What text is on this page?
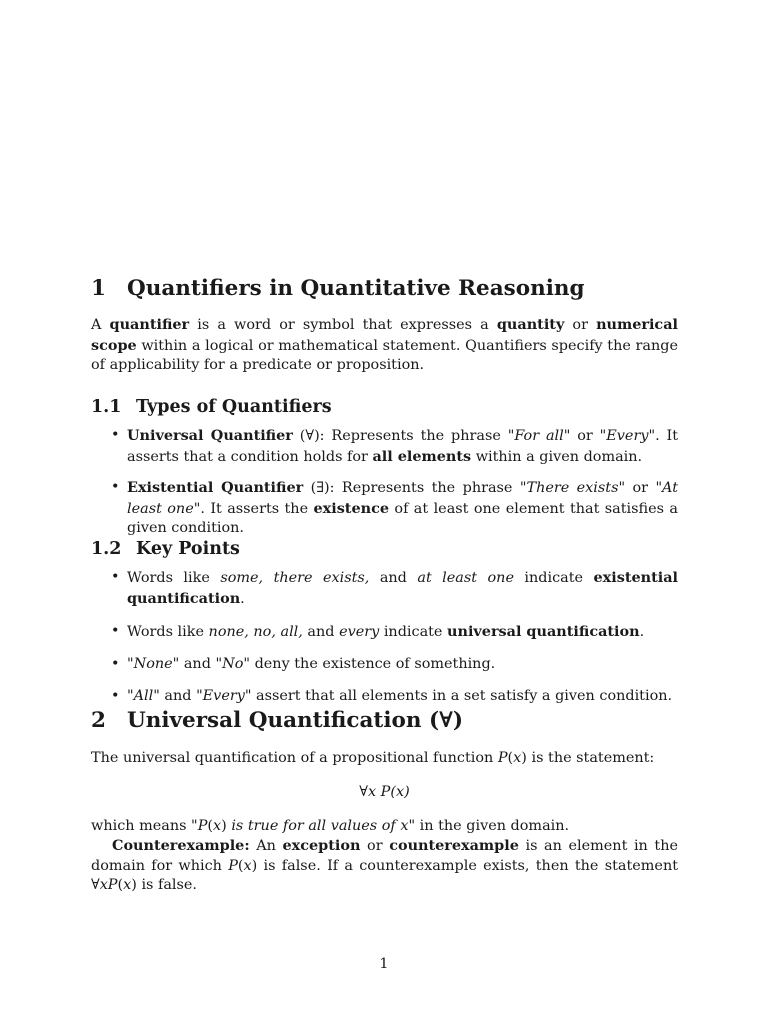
1 Quantifiers in Quantitative Reasoning
A quantifier is a word or symbol that expresses a quantity or numerical scope within a logical or mathematical statement. Quantifiers specify the range of applicability for a predicate or proposition.
1.1 Types of Quantifiers
• Universal Quantifier (∀): Represents the phrase "For all" or "Every". It asserts that a condition holds for all elements within a given domain.
• Existential Quantifier (∃): Represents the phrase "There exists" or "At least one". It asserts the existence of at least one element that satisfies a given condition.
1.2 Key Points
• Words like some, there exists, and at least one indicate existential quantification.
• Words like none, no, all, and every indicate universal quantification.
• "None" and "No" deny the existence of something.
• "All" and "Every" assert that all elements in a set satisfy a given condition.
2 Universal Quantification (∀)
The universal quantification of a propositional function P(x) is the statement:
∀x P(x)
which means "P(x) is true for all values of x" in the given domain.
Counterexample: An exception or counterexample is an element in the domain for which P(x) is false. If a counterexample exists, then the statement ∀xP(x) is false.
1
